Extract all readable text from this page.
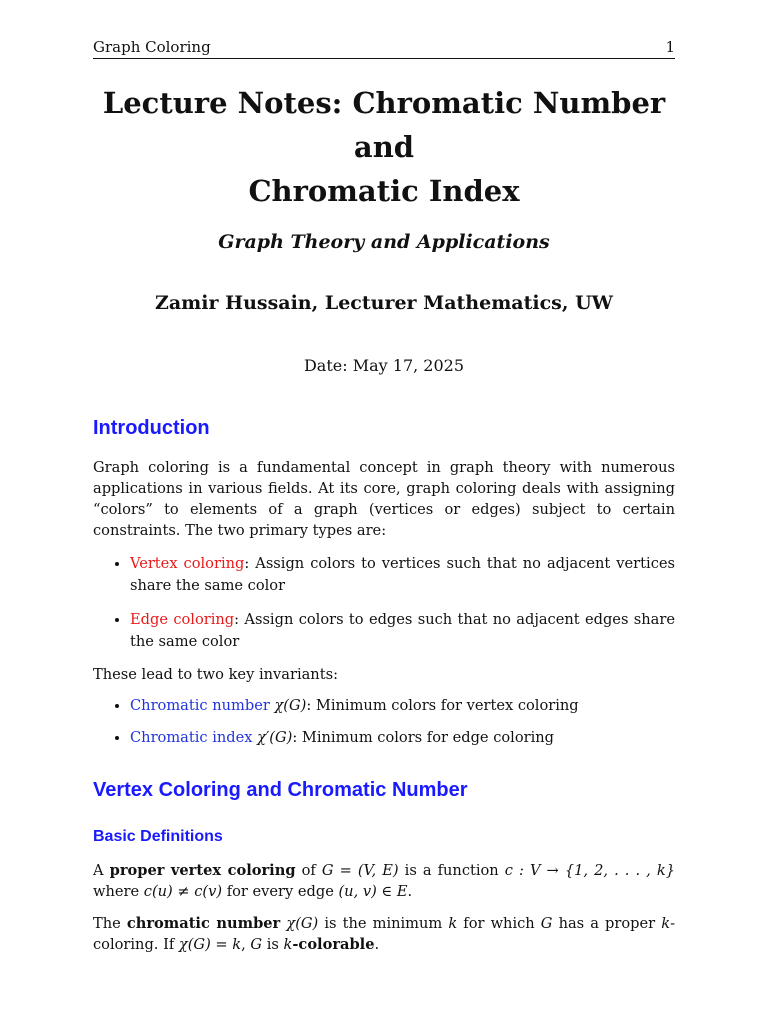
Graph Coloring	1
Lecture Notes: Chromatic Number and
Chromatic Index
Graph Theory and Applications
Zamir Hussain, Lecturer Mathematics, UW
Date: May 17, 2025
Introduction

Graph coloring is a fundamental concept in graph theory with numerous applications in various fields. At its core, graph coloring deals with assigning “colors” to elements of a graph (vertices or edges) subject to certain constraints. The two primary types are:

• Vertex coloring: Assign colors to vertices such that no adjacent vertices share the same color
• Edge coloring: Assign colors to edges such that no adjacent edges share the same color

These lead to two key invariants:

• Chromatic number χ(G): Minimum colors for vertex coloring
• Chromatic index χ′(G): Minimum colors for edge coloring
Vertex Coloring and Chromatic Number
Basic Definitions

A proper vertex coloring of G = (V, E) is a function c : V → {1, 2, . . . , k} where c(u) ≠ c(v) for every edge (u, v) ∈ E.

The chromatic number χ(G) is the minimum k for which G has a proper k-coloring. If χ(G) = k, G is k-colorable.
